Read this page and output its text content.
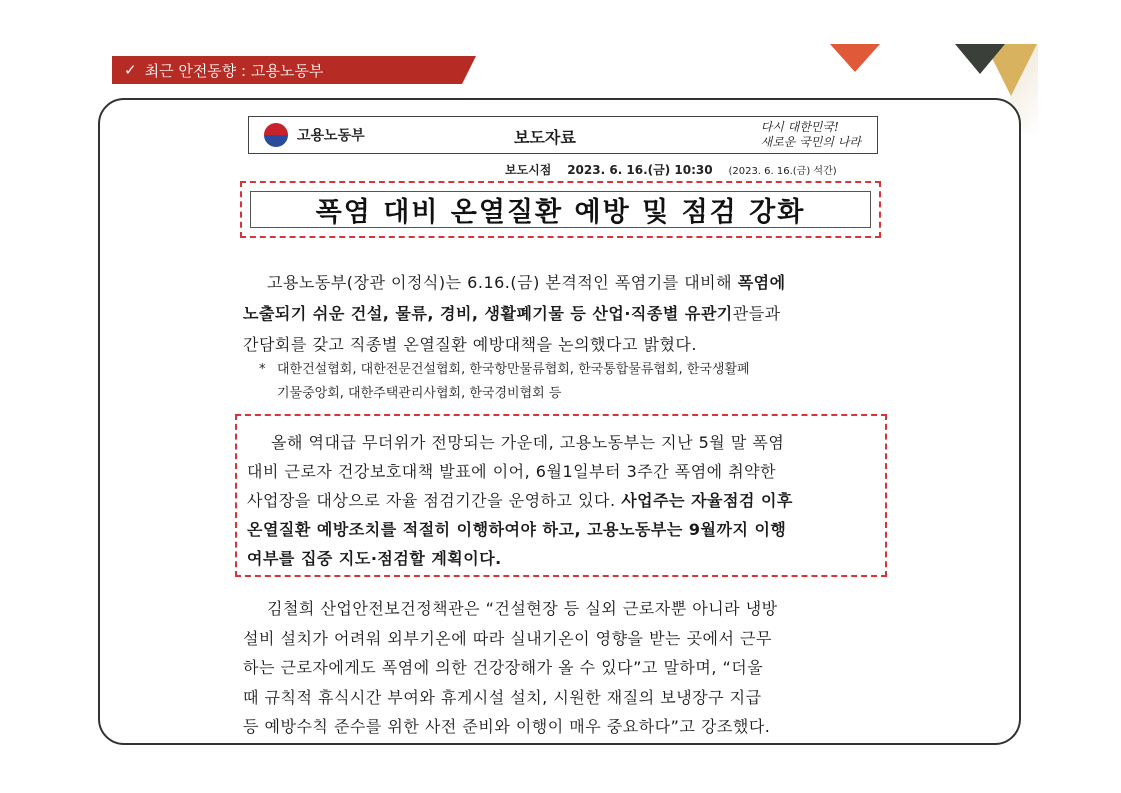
✓ 최근 안전동향 : 고용노동부
고용노동부	보도자료
다시 대한민국!
새로운 국민의 나라
보도시점 2023. 6. 16.(금) 10:30 (2023. 6. 16.(금) 석간)
폭염 대비 온열질환 예방 및 점검 강화
고용노동부(장관 이정식)는 6.16.(금) 본격적인 폭염기를 대비해 폭염에
노출되기 쉬운 건설, 물류, 경비, 생활폐기물 등 산업·직종별 유관기관들과
간담회를 갖고 직종별 온열질환 예방대책을 논의했다고 밝혔다.
* 대한건설협회, 대한전문건설협회, 한국항만물류협회, 한국통합물류협회, 한국생활폐
기물중앙회, 대한주택관리사협회, 한국경비협회 등
올해 역대급 무더위가 전망되는 가운데, 고용노동부는 지난 5월 말 폭염
대비 근로자 건강보호대책 발표에 이어, 6월1일부터 3주간 폭염에 취약한
사업장을 대상으로 자율 점검기간을 운영하고 있다. 사업주는 자율점검 이후
온열질환 예방조치를 적절히 이행하여야 하고, 고용노동부는 9월까지 이행
여부를 집중 지도·점검할 계획이다.
김철희 산업안전보건정책관은 “건설현장 등 실외 근로자뿐 아니라 냉방
설비 설치가 어려워 외부기온에 따라 실내기온이 영향을 받는 곳에서 근무
하는 근로자에게도 폭염에 의한 건강장해가 올 수 있다”고 말하며, “더울
때 규칙적 휴식시간 부여와 휴게시설 설치, 시원한 재질의 보냉장구 지급
등 예방수칙 준수를 위한 사전 준비와 이행이 매우 중요하다”고 강조했다.
